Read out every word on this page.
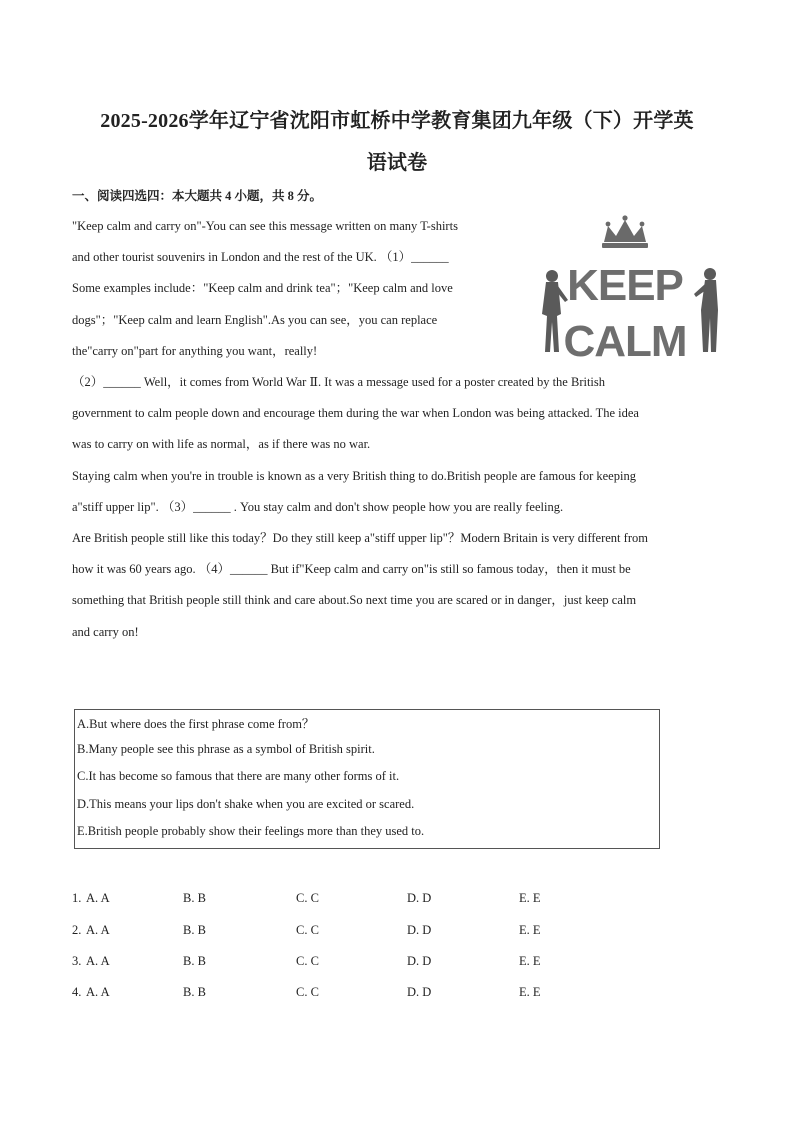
2025-2026学年辽宁省沈阳市虹桥中学教育集团九年级（下）开学英
语试卷
一、阅读四选四：本大题共 4 小题，共 8 分。
"Keep calm and carry on"-You can see this message written on many T-shirts
and other tourist souvenirs in London and the rest of the UK. （1）______
Some examples include："Keep calm and drink tea"；"Keep calm and love
dogs"；"Keep calm and learn English".As you can see，you can replace
the"carry on"part for anything you want，really!
（2）______ Well，it comes from World War Ⅱ. It was a message used for a poster created by the British
government to calm people down and encourage them during the war when London was being attacked. The idea
was to carry on with life as normal，as if there was no war.
Staying calm when you're in trouble is known as a very British thing to do.British people are famous for keeping
a"stiff upper lip". （3）______ . You stay calm and don't show people how you are really feeling.
Are British people still like this today？Do they still keep a"stiff upper lip"？Modern Britain is very different from
how it was 60 years ago. （4）______ But if"Keep calm and carry on"is still so famous today，then it must be
something that British people still think and care about.So next time you are scared or in danger，just keep calm
and carry on!
KEEP
CALM
A.But where does the first phrase come from？
B.Many people see this phrase as a symbol of British spirit.
C.It has become so famous that there are many other forms of it.
D.This means your lips don't shake when you are excited or scared.
E.British people probably show their feelings more than they used to.
1. A. A	B. B	C. C	D. D	E. E
2. A. A	B. B	C. C	D. D	E. E
3. A. A	B. B	C. C	D. D	E. E
4. A. A	B. B	C. C	D. D	E. E
